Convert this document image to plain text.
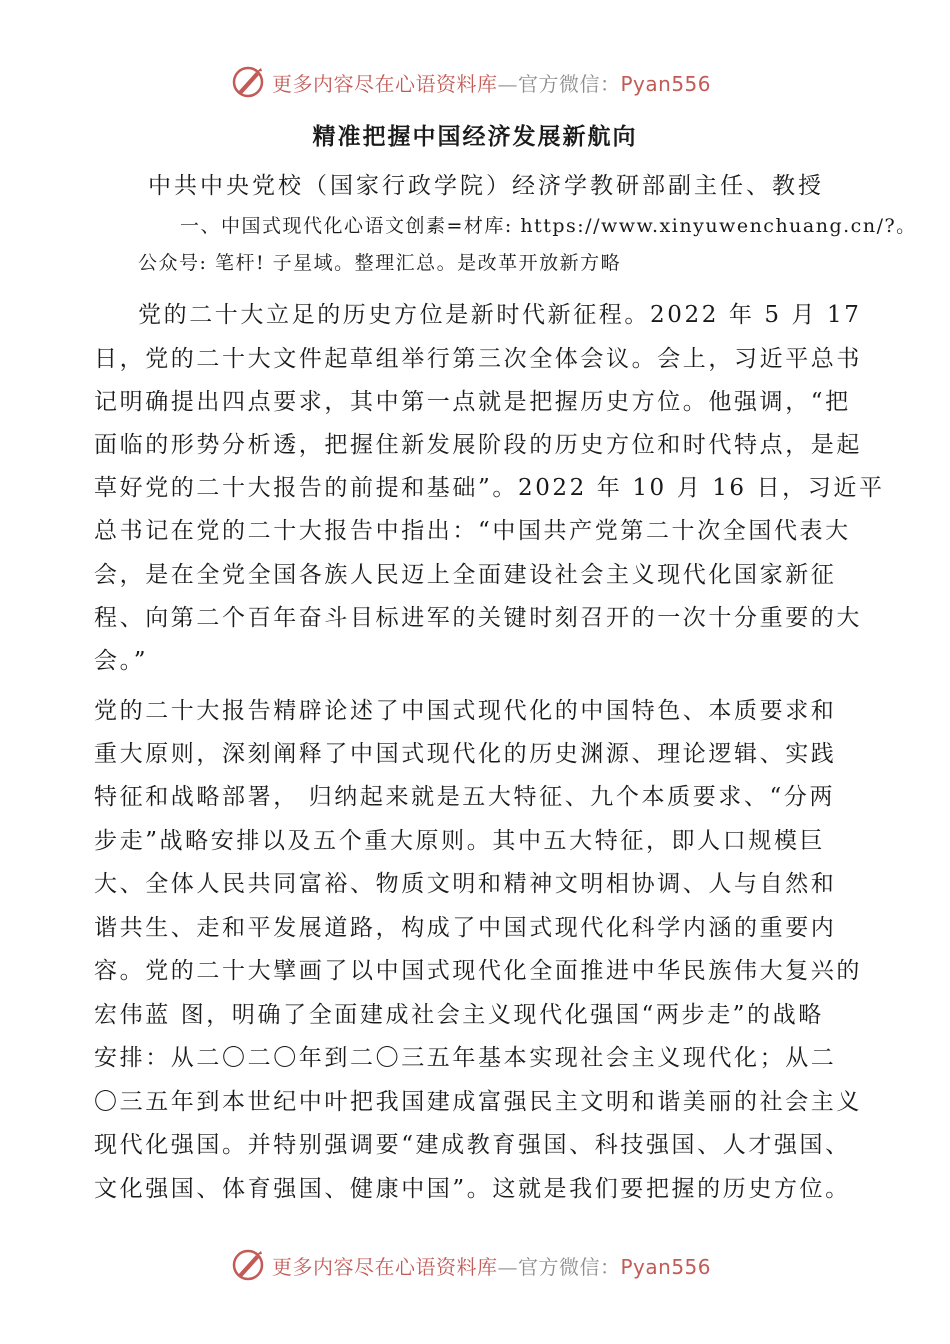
更多内容尽在心语资料库—官方微信：Pyan556
精准把握中国经济发展新航向
中共中央党校（国家行政学院）经济学教研部副主任、教授
一、中国式现代化心语文创素=材库: https://www.xinyuwenchuang.cn/?。
公众号: 笔杆! 子星域。整理汇总。是改革开放新方略
党的二十大立足的历史方位是新时代新征程。2022 年 5 月 17
日，党的二十大文件起草组举行第三次全体会议。会上，习近平总书
记明确提出四点要求，其中第一点就是把握历史方位。他强调，“把
面临的形势分析透，把握住新发展阶段的历史方位和时代特点，是起
草好党的二十大报告的前提和基础”。2022 年 10 月 16 日，习近平
总书记在党的二十大报告中指出：“中国共产党第二十次全国代表大
会，是在全党全国各族人民迈上全面建设社会主义现代化国家新征
程、向第二个百年奋斗目标进军的关键时刻召开的一次十分重要的大
会。”
党的二十大报告精辟论述了中国式现代化的中国特色、本质要求和
重大原则，深刻阐释了中国式现代化的历史渊源、理论逻辑、实践
特征和战略部署， 归纳起来就是五大特征、九个本质要求、“分两
步走”战略安排以及五个重大原则。其中五大特征，即人口规模巨
大、全体人民共同富裕、物质文明和精神文明相协调、人与自然和
谐共生、走和平发展道路，构成了中国式现代化科学内涵的重要内
容。党的二十大擘画了以中国式现代化全面推进中华民族伟大复兴的
宏伟蓝 图，明确了全面建成社会主义现代化强国“两步走”的战略
安排：从二〇二〇年到二〇三五年基本实现社会主义现代化；从二
〇三五年到本世纪中叶把我国建成富强民主文明和谐美丽的社会主义
现代化强国。并特别强调要“建成教育强国、科技强国、人才强国、
文化强国、体育强国、健康中国”。这就是我们要把握的历史方位。
更多内容尽在心语资料库—官方微信：Pyan556
